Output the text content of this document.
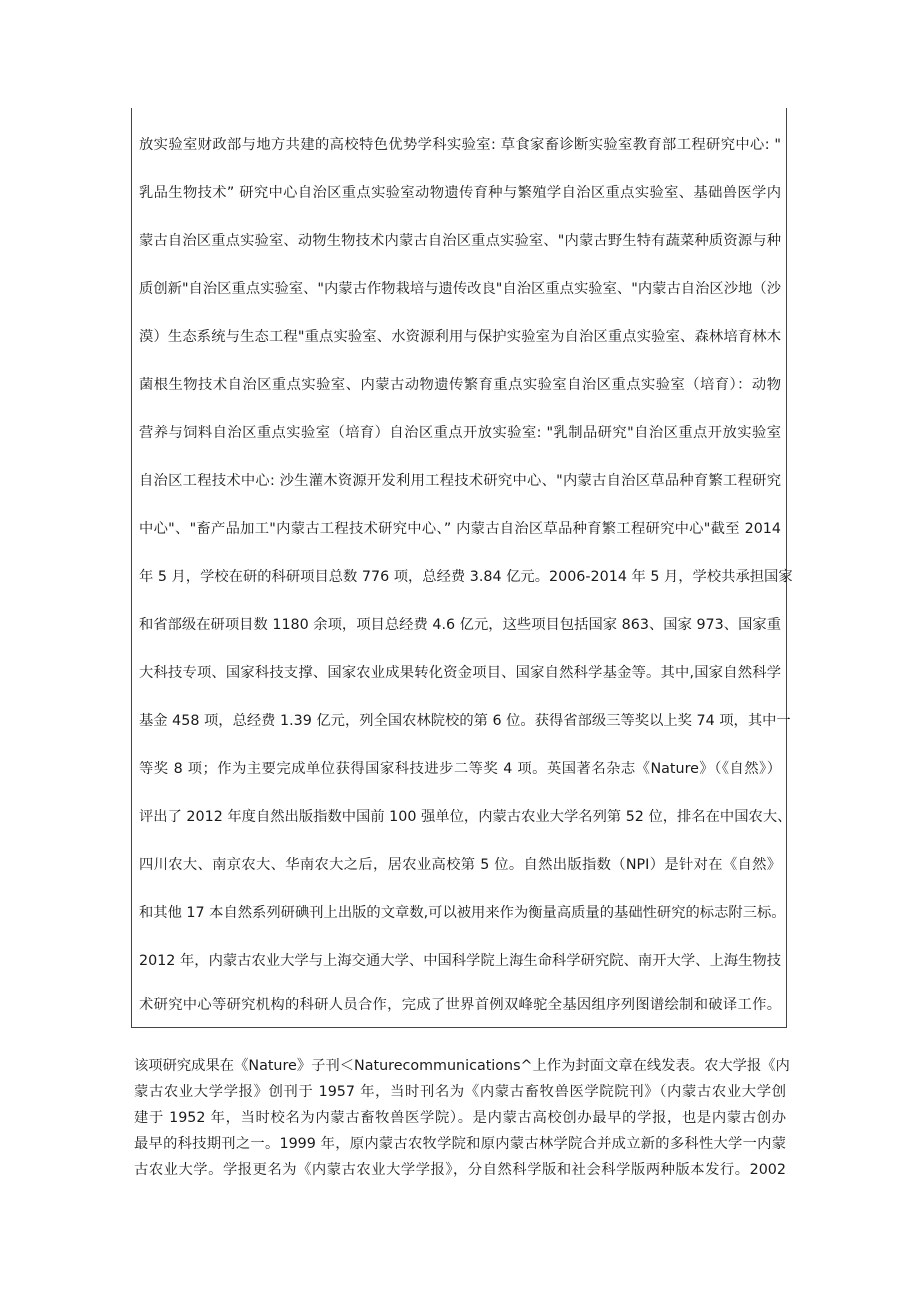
放实验室财政部与地方共建的高校特色优势学科实验室: 草食家畜诊断实验室教育部工程研究中心: "
乳品生物技术” 研究中心自治区重点实验室动物遗传育种与繁殖学自治区重点实验室、基础兽医学内
蒙古自治区重点实验室、动物生物技术内蒙古自治区重点实验室、"内蒙古野生特有蔬菜种质资源与种
质创新"自治区重点实验室、"内蒙古作物栽培与遗传改良"自治区重点实验室、"内蒙古自治区沙地（沙
漠）生态系统与生态工程"重点实验室、水资源利用与保护实验室为自治区重点实验室、森林培育林木
菌根生物技术自治区重点实验室、内蒙古动物遗传繁育重点实验室自治区重点实验室（培育）：动物
营养与饲料自治区重点实验室（培育）自治区重点开放实验室: "乳制品研究"自治区重点开放实验室
自治区工程技术中心: 沙生灌木资源开发利用工程技术研究中心、"内蒙古自治区草品种育繁工程研究
中心"、"畜产品加工"内蒙古工程技术研究中心、” 内蒙古自治区草品种育繁工程研究中心"截至 2014
年 5 月，学校在研的科研项目总数 776 项，总经费 3.84 亿元。2006-2014 年 5 月，学校共承担国家
和省部级在研项目数 1180 余项，项目总经费 4.6 亿元，这些项目包括国家 863、国家 973、国家重
大科技专项、国家科技支撑、国家农业成果转化资金项目、国家自然科学基金等。其中,国家自然科学
基金 458 项，总经费 1.39 亿元，列全国农林院校的第 6 位。获得省部级三等奖以上奖 74 项，其中一
等奖 8 项；作为主要完成单位获得国家科技进步二等奖 4 项。英国著名杂志《Nature》（《自然》）
评出了 2012 年度自然出版指数中国前 100 强单位，内蒙古农业大学名列第 52 位，排名在中国农大、
四川农大、南京农大、华南农大之后，居农业高校第 5 位。自然出版指数（NPI）是针对在《自然》
和其他 17 本自然系列研碘刊上出版的文章数,可以被用来作为衡量高质量的基础性研究的标志附三标。
2012 年，内蒙古农业大学与上海交通大学、中国科学院上海生命科学研究院、南开大学、上海生物技
术研究中心等研究机构的科研人员合作，完成了世界首例双峰驼全基因组序列图谱绘制和破译工作。
该项研究成果在《Nature》子刊＜Naturecommunications^上作为封面文章在线发表。农大学报《内
蒙古农业大学学报》创刊于 1957 年，当时刊名为《内蒙古畜牧兽医学院院刊》（内蒙古农业大学创
建于 1952 年，当时校名为内蒙古畜牧兽医学院）。是内蒙古高校创办最早的学报，也是内蒙古创办
最早的科技期刊之一。1999 年，原内蒙古农牧学院和原内蒙古林学院合并成立新的多科性大学一内蒙
古农业大学。学报更名为《内蒙古农业大学学报》，分自然科学版和社会科学版两种版本发行。2002
